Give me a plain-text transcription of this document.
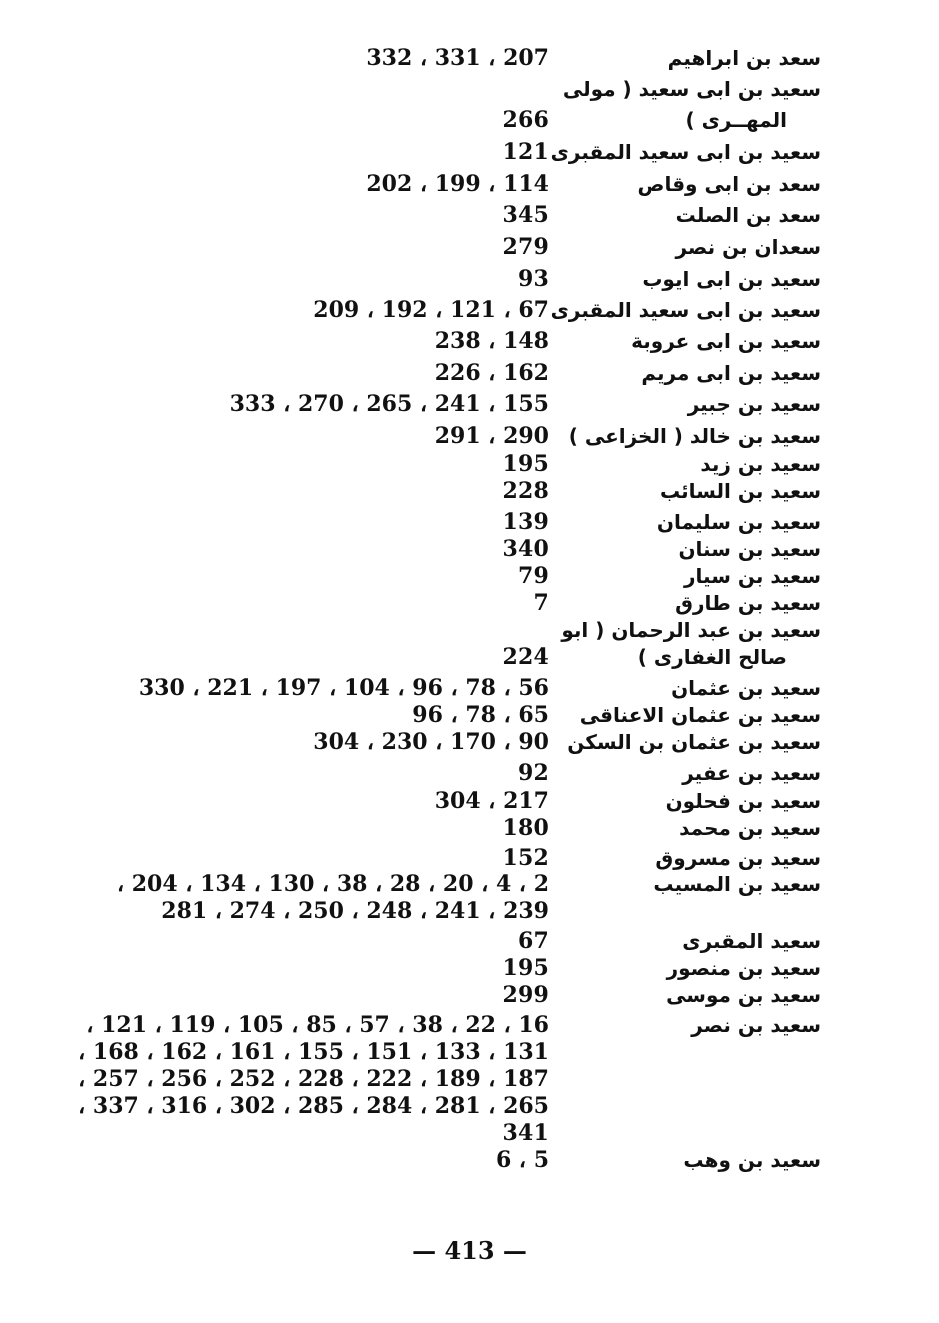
سعد بن ابراهيم
207 ، 331 ، 332
سعيد بن ابى سعيد ( مولى
المهــرى )
266
سعيد بن ابى سعيد المقبرى
121
سعد بن ابى وقاص
114 ، 199 ، 202
سعد بن الصلت
345
سعدان بن نصر
279
سعيد بن ابى ايوب
93
سعيد بن ابى سعيد المقبرى
67 ، 121 ، 192 ، 209
سعيد بن ابى عروبة
148 ، 238
سعيد بن ابى مريم
162 ، 226
سعيد بن جبير
155 ، 241 ، 265 ، 270 ، 333
سعيد بن خالد ( الخزاعى )
290 ، 291
سعيد بن زيد
195
سعيد بن السائب
228
سعيد بن سليمان
139
سعيد بن سنان
340
سعيد بن سيار
79
سعيد بن طارق
7
سعيد بن عبد الرحمان ( ابو
صالح الغفارى )
224
سعيد بن عثمان
56 ، 78 ، 96 ، 104 ، 197 ، 221 ، 330
سعيد بن عثمان الاعناقى
65 ، 78 ، 96
سعيد بن عثمان بن السكن
90 ، 170 ، 230 ، 304
سعيد بن عفير
92
سعيد بن فحلون
217 ، 304
سعيد بن محمد
180
سعيد بن مسروق
152
سعيد بن المسيب
2 ، 4 ، 20 ، 28 ، 38 ، 130 ، 134 ، 204 ،
239 ، 241 ، 248 ، 250 ، 274 ، 281
سعيد المقبرى
67
سعيد بن منصور
195
سعيد بن موسى
299
سعيد بن نصر
16 ، 22 ، 38 ، 57 ، 85 ، 105 ، 119 ، 121 ،
131 ، 133 ، 151 ، 155 ، 161 ، 162 ، 168 ،
187 ، 189 ، 222 ، 228 ، 252 ، 256 ، 257 ،
265 ، 281 ، 284 ، 285 ، 302 ، 316 ، 337 ،
341
سعيد بن وهب
5 ، 6
— 413 —
